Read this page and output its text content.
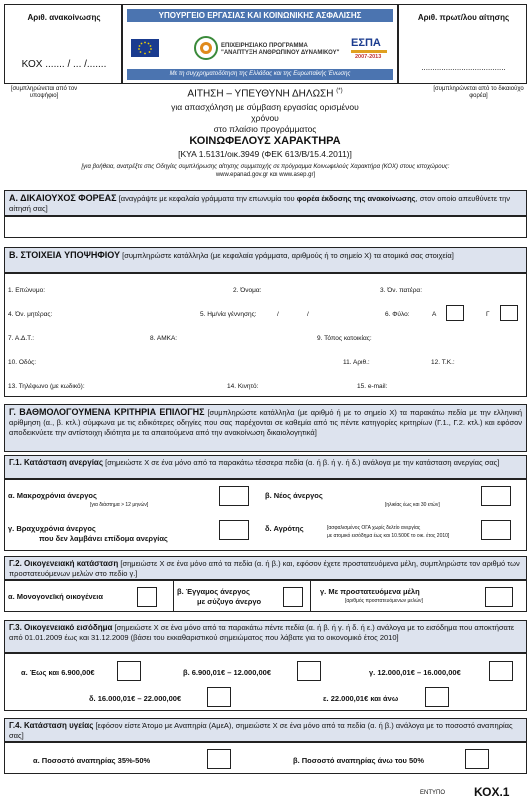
Αριθ. ανακοίνωσης
ΚΟΧ ....... / ... /.......
ΥΠΟΥΡΓΕΙΟ ΕΡΓΑΣΙΑΣ ΚΑΙ ΚΟΙΝΩΝΙΚΗΣ ΑΣΦΑΛΙΣΗΣ
ΕΠΙΧΕΙΡΗΣΙΑΚΟ ΠΡΟΓΡΑΜΜΑ
"ΑΝΑΠΤΥΞΗ ΑΝΘΡΩΠΙΝΟΥ ΔΥΝΑΜΙΚΟΥ"
ΕΣΠΑ
2007-2013
Με τη συγχρηματοδότηση της Ελλάδας και της Ευρωπαϊκής Ένωσης
Αριθ. πρωτ/λου αίτησης
......................................
[συμπληρώνεται από τον υποψήφιο]
[συμπληρώνεται από το δικαιούχο φορέα]
ΑΙΤΗΣΗ – ΥΠΕΥΘΥΝΗ ΔΗΛΩΣΗ (*)
για απασχόληση με σύμβαση εργασίας ορισμένου
χρόνου
στο πλαίσιο προγράμματος
ΚΟΙΝΩΦΕΛΟΥΣ ΧΑΡΑΚΤΗΡΑ
[ΚΥΑ 1.5131/οικ.3949 (ΦΕΚ 613/Β/15.4.2011)]
[για βοήθεια, ανατρέξτε στις Οδηγίες συμπλήρωσης αίτησης συμμετοχής σε πρόγραμμα Κοινωφελούς Χαρακτήρα (ΚΟΧ) στους ιστοχώρους:
www.epanad.gov.gr και www.asep.gr]
Α. ΔΙΚΑΙΟΥΧΟΣ ΦΟΡΕΑΣ [αναγράψτε με κεφαλαία γράμματα την επωνυμία του φορέα έκδοσης της ανακοίνωσης, στον οποίο απευθύνετε την αίτησή σας]
Β. ΣΤΟΙΧΕΙΑ ΥΠΟΨΗΦΙΟΥ [συμπληρώστε κατάλληλα (με κεφαλαία γράμματα, αριθμούς ή το σημείο Χ) τα ατομικά σας στοιχεία]
1. Επώνυμο:	2. Όνομα:	3. Όν. πατέρα:
4. Όν. μητέρας:	5. Ημ/νία γέννησης:	/	/	6. Φύλο:	Α	Γ
7. Α.Δ.Τ.:	8. ΑΜΚΑ:	9. Τόπος κατοικίας:
10. Οδός:	11. Αριθ.:	12. Τ.Κ.:
13. Τηλέφωνο (με κωδικό):	14. Κινητό:	15. e-mail:
Γ. ΒΑΘΜΟΛΟΓΟΥΜΕΝΑ ΚΡΙΤΗΡΙΑ ΕΠΙΛΟΓΗΣ [συμπληρώστε κατάλληλα (με αριθμό ή με το σημείο Χ) τα παρακάτω πεδία με την ελληνική αρίθμηση (α., β. κτλ.) σύμφωνα με τις ειδικότερες οδηγίες που σας παρέχονται σε καθεμία από τις πέντε κατηγορίες κριτηρίων (Γ.1., Γ.2. κτλ.) και εφόσον αποδεικνύετε την αντίστοιχη ιδιότητα με τα απαιτούμενα από την ανακοίνωση δικαιολογητικά]
Γ.1. Κατάσταση ανεργίας [σημειώστε Χ σε ένα μόνο από τα παρακάτω τέσσερα πεδία (α. ή β. ή γ. ή δ.) ανάλογα με την κατάσταση ανεργίας σας]
α. Μακροχρόνια άνεργος
[για διάστημα > 12 μηνών]
β. Νέος άνεργος
[ηλικίας έως και 30 ετών]
γ. Βραχυχρόνια άνεργος
που δεν λαμβάνει επίδομα ανεργίας
δ. Αγρότης	[ασφαλισμένος ΟΓΑ χωρίς δελτίο ανεργίας
με ατομικό εισόδημα έως και 10.500€ το οικ. έτος 2010]
Γ.2. Οικογενειακή κατάσταση [σημειώστε Χ σε ένα μόνο από τα πεδία (α. ή β.) και, εφόσον έχετε προστατευόμενα μέλη, συμπληρώστε τον αριθμό των προστατευόμενων μελών στο πεδίο γ.]
α. Μονογονεϊκή οικογένεια
β. Έγγαμος άνεργος
με σύζυγο άνεργο
γ. Με προστατευόμενα μέλη
[αριθμός προστατευόμενων μελών]
Γ.3. Οικογενειακό εισόδημα [σημειώστε Χ σε ένα μόνο από τα παρακάτω πέντε πεδία (α. ή β. ή γ. ή δ. ή ε.) ανάλογα με το εισόδημα που αποκτήσατε από 01.01.2009 έως και 31.12.2009 (βάσει του εκκαθαριστικού σημειώματος που λάβατε για το οικονομικό έτος 2010]
α. Έως και 6.900,00€	β. 6.900,01€ – 12.000,00€	γ. 12.000,01€ – 16.000,00€
δ. 16.000,01€ – 22.000,00€	ε. 22.000,01€ και άνω
Γ.4. Κατάσταση υγείας [εφόσον είστε Άτομο με Αναπηρία (ΑμεΑ), σημειώστε Χ σε ένα μόνο από τα πεδία (α. ή β.) ανάλογα με το ποσοστό αναπηρίας σας]
α. Ποσοστό αναπηρίας 35%-50%	β. Ποσοστό αναπηρίας άνω του 50%
ΕΝΤΥΠΟ ΚΟΧ.1
